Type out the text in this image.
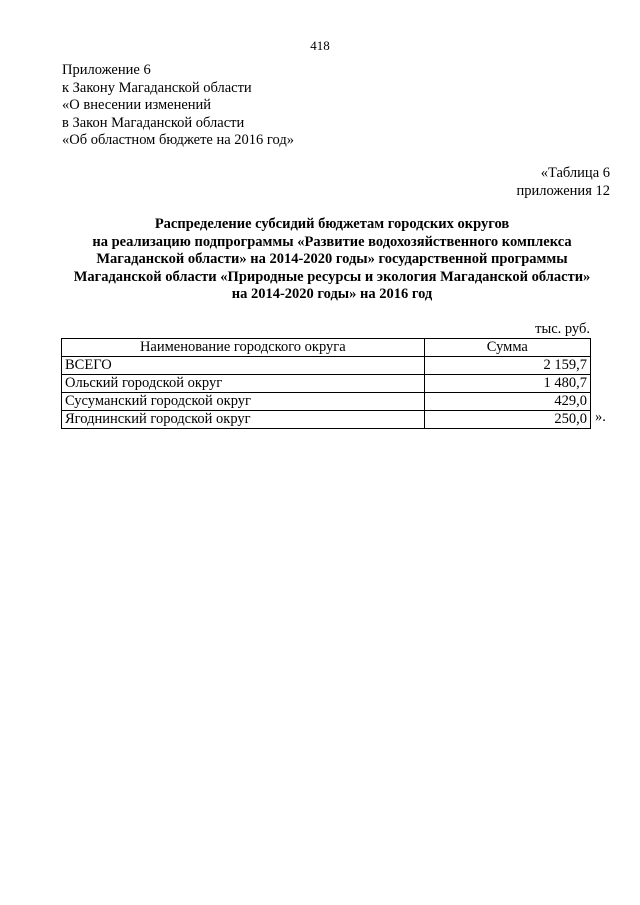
418
Приложение 6
к Закону Магаданской области
«О внесении изменений
в Закон Магаданской области
«Об областном бюджете на 2016 год»
«Таблица 6
приложения 12
Распределение субсидий бюджетам городских округов
на реализацию подпрограммы «Развитие водохозяйственного комплекса
Магаданской области» на 2014-2020 годы» государственной программы
Магаданской области «Природные ресурсы и экология Магаданской области»
на 2014-2020 годы» на 2016 год
тыс. руб.
Наименование городского округа	Сумма
ВСЕГО	2 159,7
Ольский городской округ	1 480,7
Сусуманский городской округ	429,0
Ягоднинский городской округ	250,0 ».
